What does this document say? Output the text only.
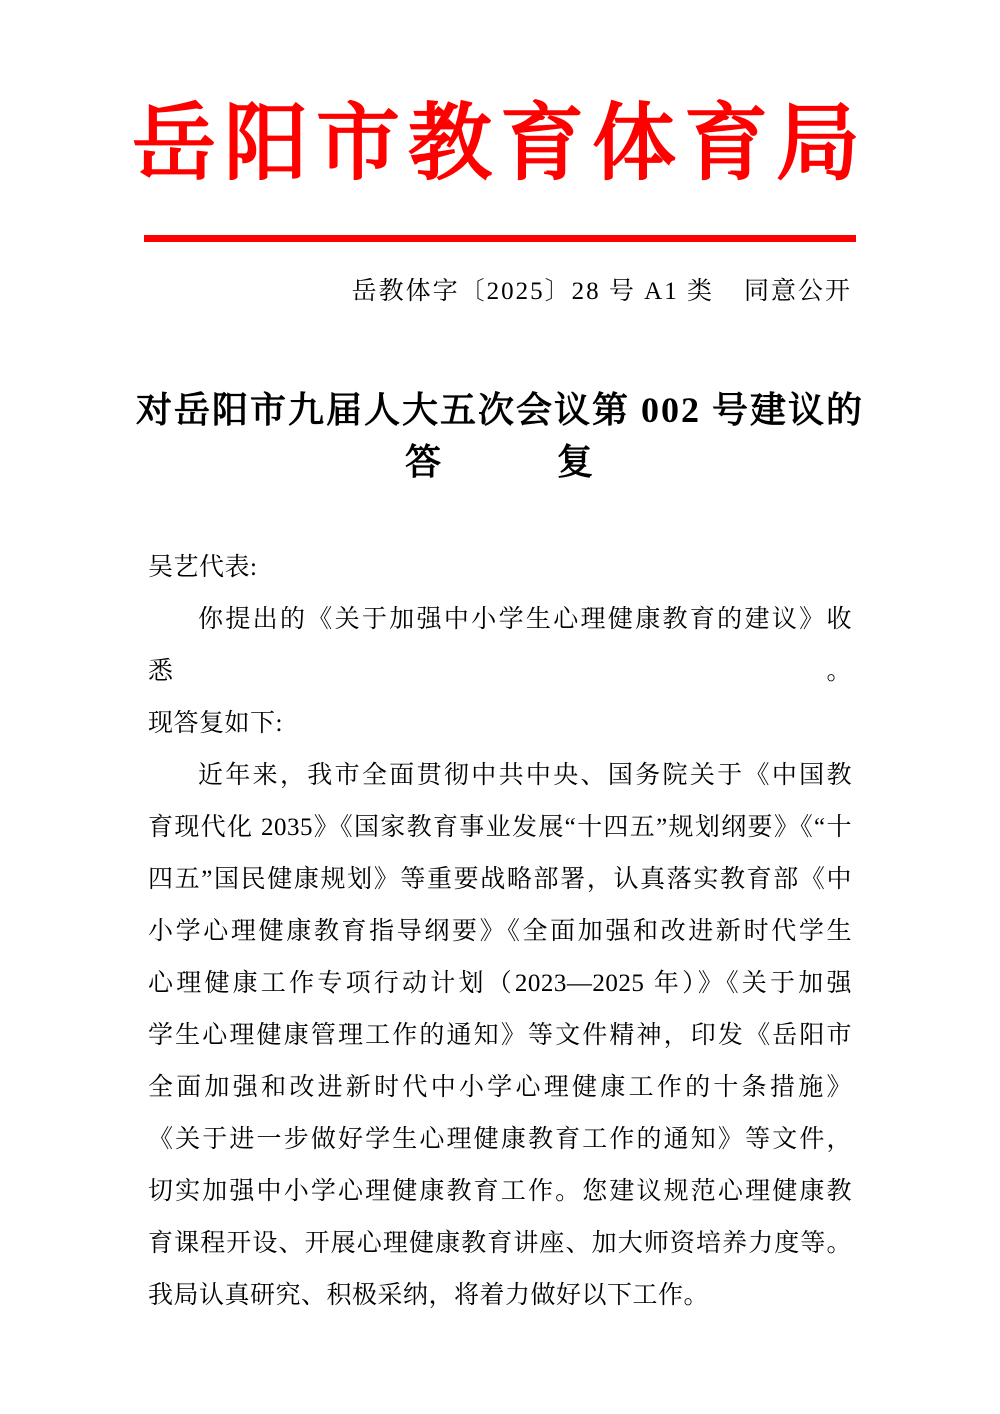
岳阳市教育体育局
岳教体字〔2025〕28 号 A1 类 同意公开
对岳阳市九届人大五次会议第 002 号建议的
答　　　复

吴艺代表:

你提出的《关于加强中小学生心理健康教育的建议》收悉。

现答复如下:

近年来，我市全面贯彻中共中央、国务院关于《中国教

育现代化 2035》《国家教育事业发展“十四五”规划纲要》《“十

四五”国民健康规划》等重要战略部署，认真落实教育部《中

小学心理健康教育指导纲要》《全面加强和改进新时代学生

心理健康工作专项行动计划（2023—2025 年）》《关于加强

学生心理健康管理工作的通知》等文件精神，印发《岳阳市

全面加强和改进新时代中小学心理健康工作的十条措施》

《关于进一步做好学生心理健康教育工作的通知》等文件，

切实加强中小学心理健康教育工作。您建议规范心理健康教

育课程开设、开展心理健康教育讲座、加大师资培养力度等。

我局认真研究、积极采纳，将着力做好以下工作。
